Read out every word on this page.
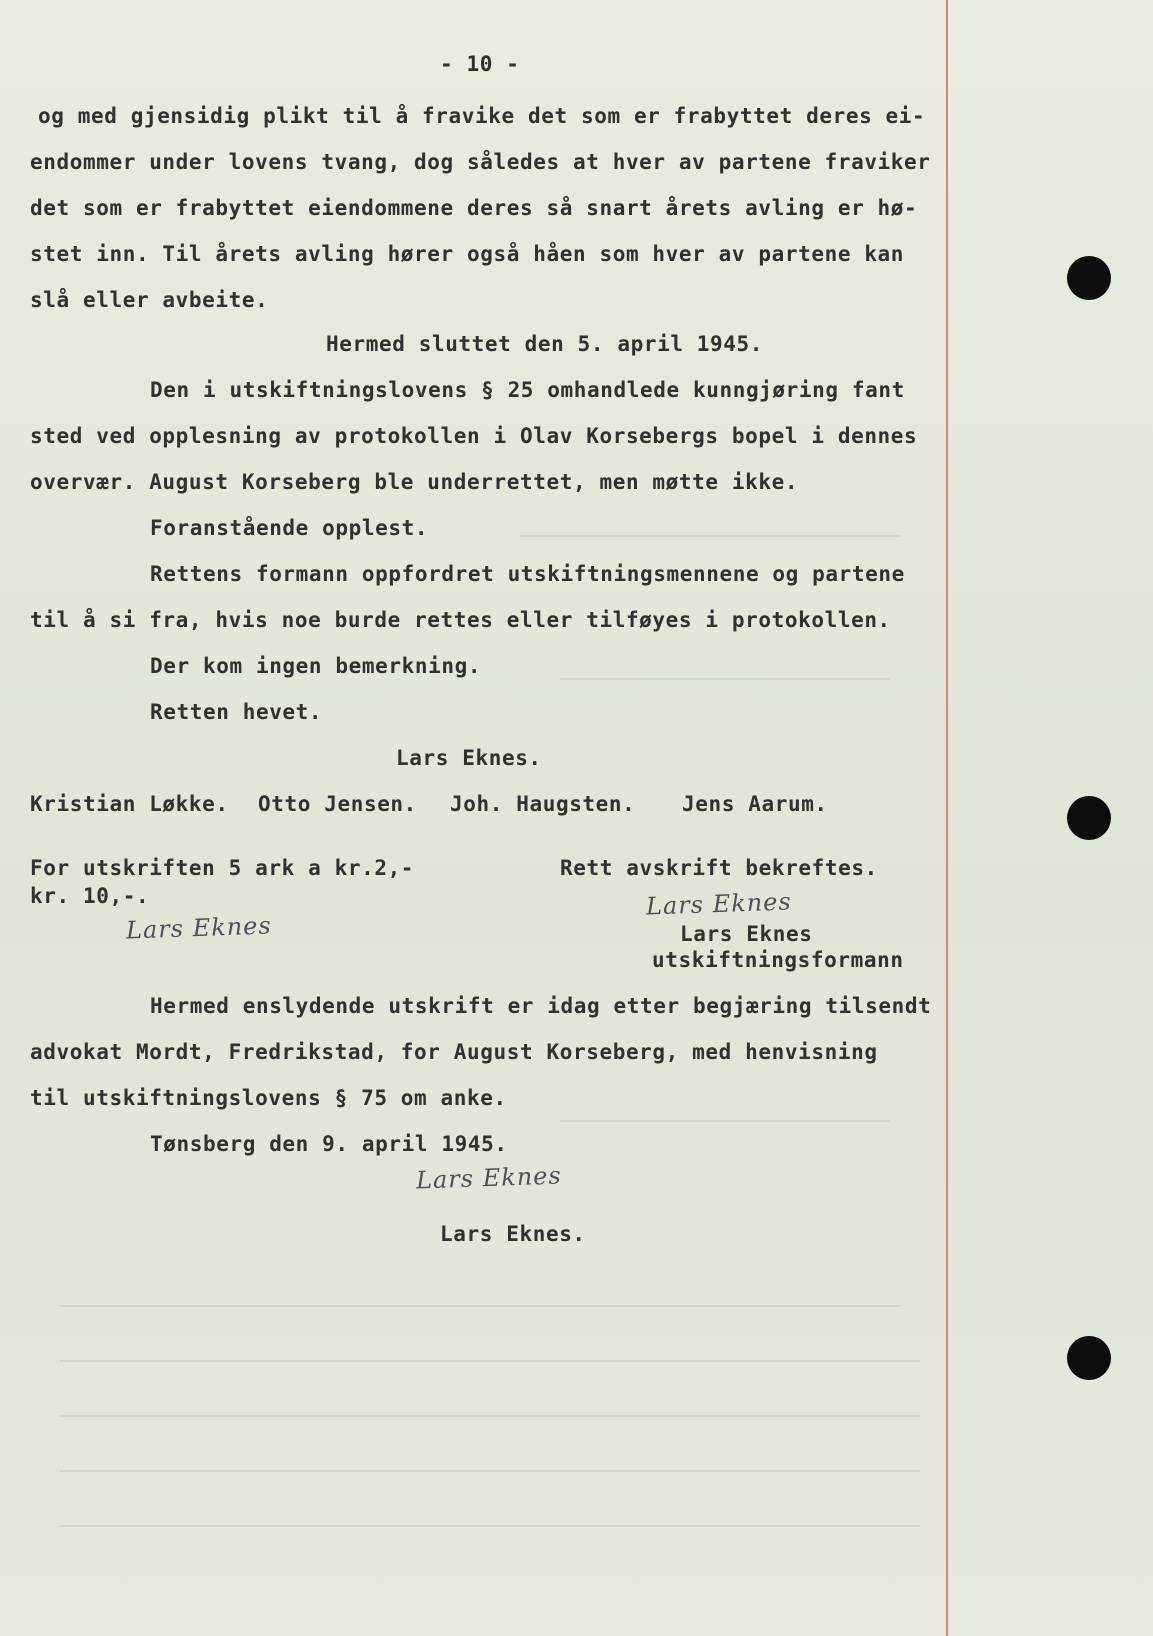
- 10 -
og med gjensidig plikt til å fravike det som er frabyttet deres ei-
endommer under lovens tvang, dog således at hver av partene fraviker
det som er frabyttet eiendommene deres så snart årets avling er hø-
stet inn. Til årets avling hører også håen som hver av partene kan
slå eller avbeite.
Hermed sluttet den 5. april 1945.
Den i utskiftningslovens § 25 omhandlede kunngjøring fant
sted ved opplesning av protokollen i Olav Korsebergs bopel i dennes
overvær. August Korseberg ble underrettet, men møtte ikke.
Foranstående opplest.
Rettens formann oppfordret utskiftningsmennene og partene
til å si fra, hvis noe burde rettes eller tilføyes i protokollen.
Der kom ingen bemerkning.
Retten hevet.
Lars Eknes.
Kristian Løkke. Otto Jensen. Joh. Haugsten. Jens Aarum.
For utskriften 5 ark a kr.2,-
kr. 10,-.
Lars Eknes
Rett avskrift bekreftes.
Lars Eknes
Lars Eknes
utskiftningsformann
Hermed enslydende utskrift er idag etter begjæring tilsendt
advokat Mordt, Fredrikstad, for August Korseberg, med henvisning
til utskiftningslovens § 75 om anke.
Tønsberg den 9. april 1945.
Lars Eknes
Lars Eknes.
